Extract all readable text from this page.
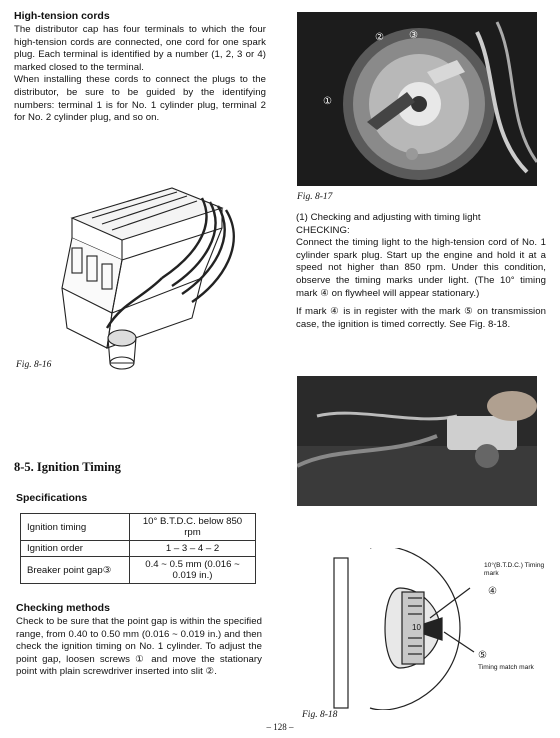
High-tension cords

The distributor cap has four terminals to which the four high-tension cords are connected, one cord for one spark plug. Each terminal is identified by a number (1, 2, 3 or 4) marked closed to the terminal.

When installing these cords to connect the plugs to the distributor, be sure to be guided by the identifying numbers: terminal 1 is for No. 1 cylinder plug, terminal 2 for No. 2 cylinder plug, and so on.

Fig. 8-16
8-5. Ignition Timing
Specifications
Ignition timing	10° B.T.D.C. below 850 rpm
Ignition order	1 – 3 – 4 – 2
Breaker point gap③	0.4 ~ 0.5 mm (0.016 ~ 0.019 in.)
Checking methods

Check to be sure that the point gap is within the specified range, from 0.40 to 0.50 mm (0.016 ~ 0.019 in.) and then check the ignition timing on No. 1 cylinder. To adjust the point gap, loosen screws ① and move the stationary point with plain screwdriver inserted into slit ②.

①
②	③
Fig. 8-17

(1) Checking and adjusting with timing light

CHECKING:

Connect the timing light to the high-tension cord of No. 1 cylinder spark plug. Start up the engine and hold it at a speed not higher than 850 rpm. Under this condition, observe the timing marks under light. (The 10° timing mark ④ on flywheel will appear stationary.)

If mark ④ is in register with the mark ⑤ on transmission case, the ignition is timed correctly. See Fig. 8-18.

10
10°(B.T.D.C.) Timing mark
④
⑤
Timing match mark
Fig. 8-18
– 128 –
